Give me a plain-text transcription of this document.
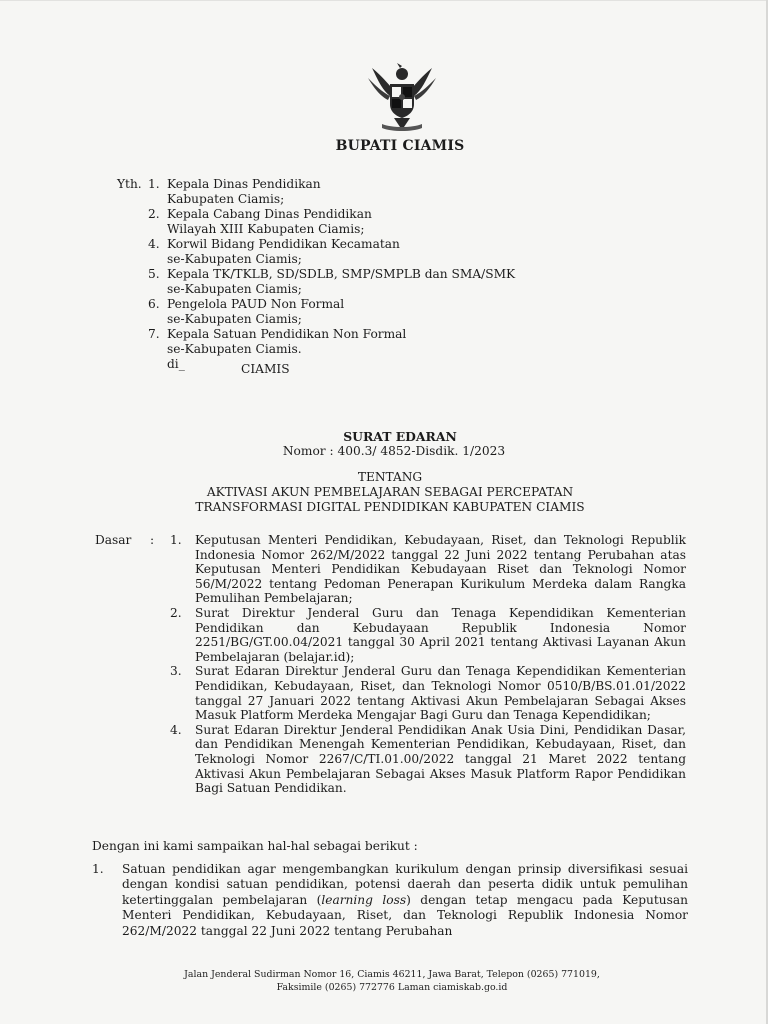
BUPATI CIAMIS
Yth. 1. Kepala Dinas Pendidikan
Kabupaten Ciamis;
2. Kepala Cabang Dinas Pendidikan
Wilayah XIII Kabupaten Ciamis;
4. Korwil Bidang Pendidikan Kecamatan
se-Kabupaten Ciamis;
5. Kepala TK/TKLB, SD/SDLB, SMP/SMPLB dan SMA/SMK
se-Kabupaten Ciamis;
6. Pengelola PAUD Non Formal
se-Kabupaten Ciamis;
7. Kepala Satuan Pendidikan Non Formal
se-Kabupaten Ciamis.
di_	CIAMIS
SURAT EDARAN
Nomor : 400.3/ 4852-Disdik. 1/2023
TENTANG
AKTIVASI AKUN PEMBELAJARAN SEBAGAI PERCEPATAN
TRANSFORMASI DIGITAL PENDIDIKAN KABUPATEN CIAMIS
Dasar : 1. Keputusan Menteri Pendidikan, Kebudayaan, Riset, dan Teknologi Republik Indonesia Nomor 262/M/2022 tanggal 22 Juni 2022 tentang Perubahan atas Keputusan Menteri Pendidikan Kebudayaan Riset dan Teknologi Nomor 56/M/2022 tentang Pedoman Penerapan Kurikulum Merdeka dalam Rangka Pemulihan Pembelajaran;
2. Surat Direktur Jenderal Guru dan Tenaga Kependidikan Kementerian Pendidikan dan Kebudayaan Republik Indonesia Nomor 2251/BG/GT.00.04/2021 tanggal 30 April 2021 tentang Aktivasi Layanan Akun Pembelajaran (belajar.id);
3. Surat Edaran Direktur Jenderal Guru dan Tenaga Kependidikan Kementerian Pendidikan, Kebudayaan, Riset, dan Teknologi Nomor 0510/B/BS.01.01/2022 tanggal 27 Januari 2022 tentang Aktivasi Akun Pembelajaran Sebagai Akses Masuk Platform Merdeka Mengajar Bagi Guru dan Tenaga Kependidikan;
4. Surat Edaran Direktur Jenderal Pendidikan Anak Usia Dini, Pendidikan Dasar, dan Pendidikan Menengah Kementerian Pendidikan, Kebudayaan, Riset, dan Teknologi Nomor 2267/C/TI.01.00/2022 tanggal 21 Maret 2022 tentang Aktivasi Akun Pembelajaran Sebagai Akses Masuk Platform Rapor Pendidikan Bagi Satuan Pendidikan.
Dengan ini kami sampaikan hal-hal sebagai berikut :
1. Satuan pendidikan agar mengembangkan kurikulum dengan prinsip diversifikasi sesuai dengan kondisi satuan pendidikan, potensi daerah dan peserta didik untuk pemulihan ketertinggalan pembelajaran (learning loss) dengan tetap mengacu pada Keputusan Menteri Pendidikan, Kebudayaan, Riset, dan Teknologi Republik Indonesia Nomor 262/M/2022 tanggal 22 Juni 2022 tentang Perubahan
Jalan Jenderal Sudirman Nomor 16, Ciamis 46211, Jawa Barat, Telepon (0265) 771019,
Faksimile (0265) 772776 Laman ciamiskab.go.id
